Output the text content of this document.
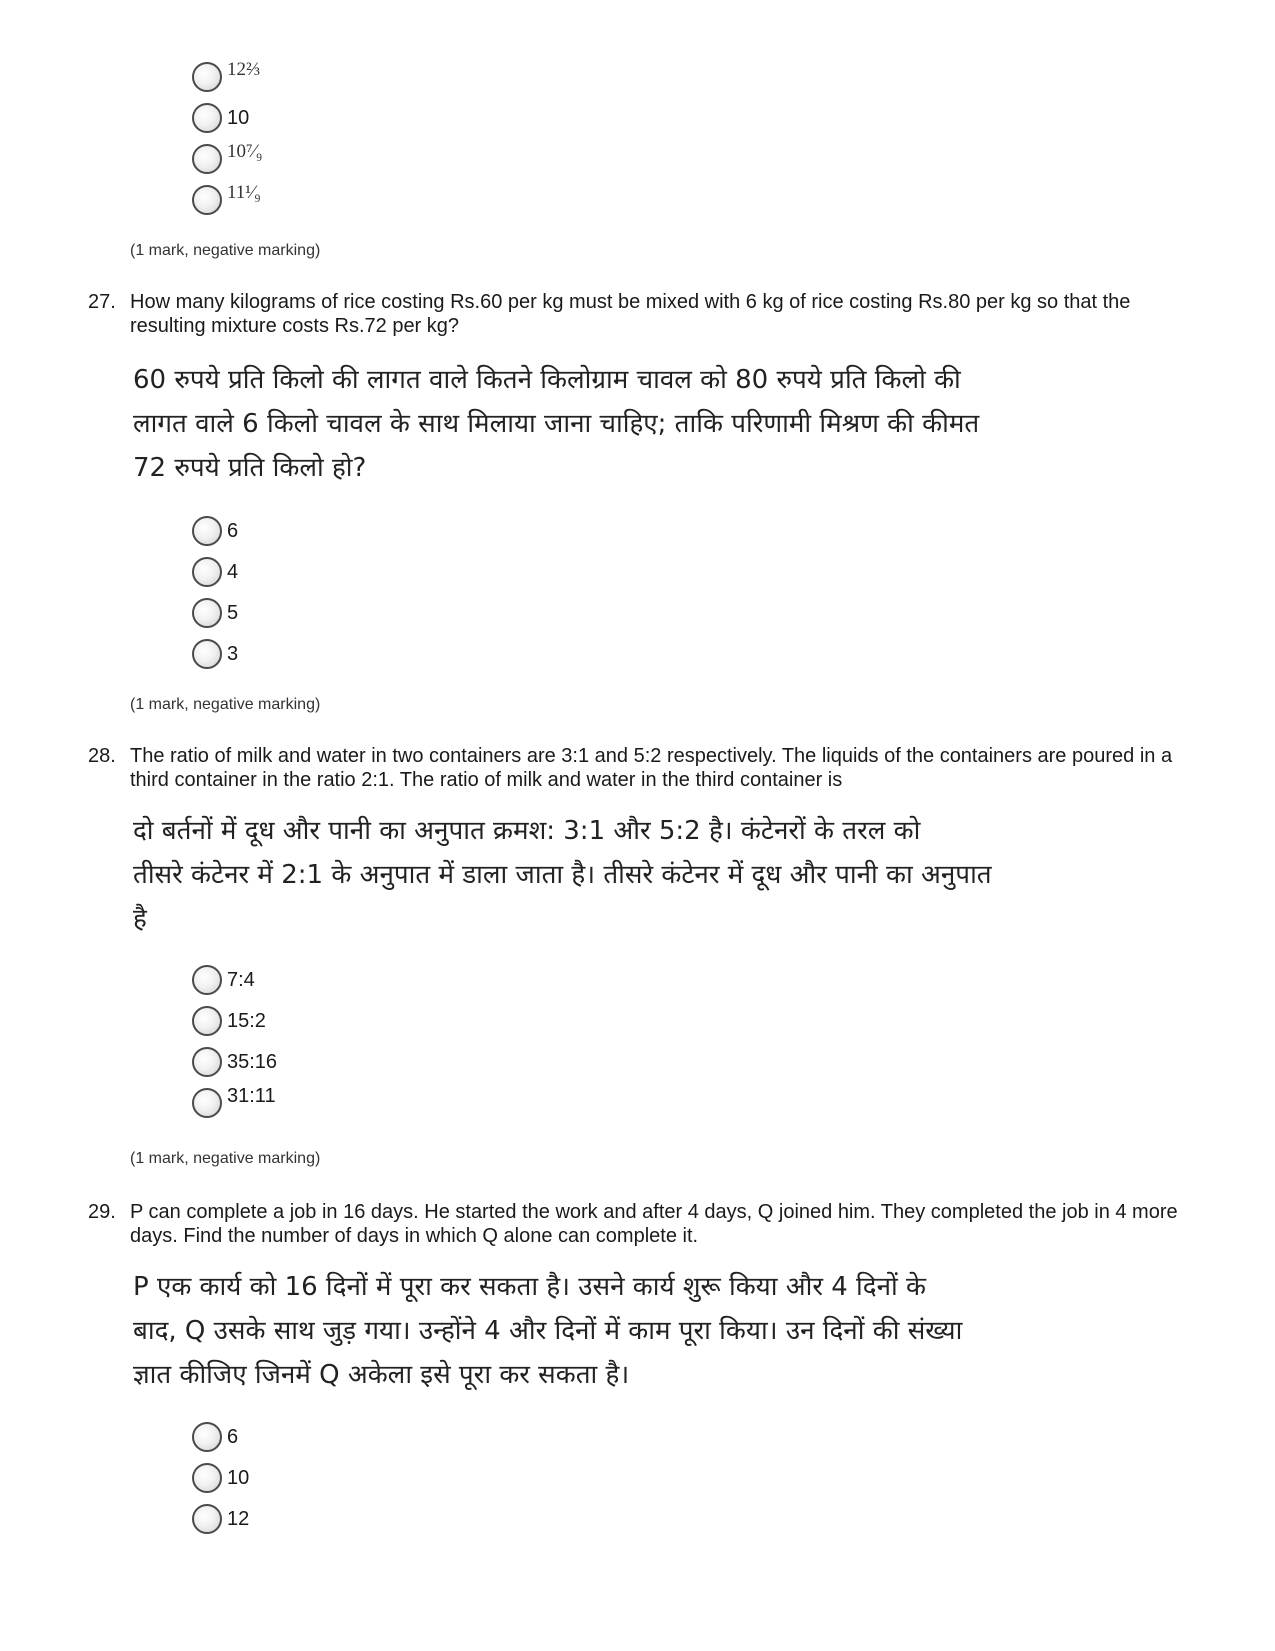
12⅔
10
10⁷⁄₉
11¹⁄₉
(1 mark, negative marking)
27. How many kilograms of rice costing Rs.60 per kg must be mixed with 6 kg of rice costing Rs.80 per kg so that the resulting mixture costs Rs.72 per kg?
60 रुपये प्रति किलो की लागत वाले कितने किलोग्राम चावल को 80 रुपये प्रति किलो की
लागत वाले 6 किलो चावल के साथ मिलाया जाना चाहिए; ताकि परिणामी मिश्रण की कीमत
72 रुपये प्रति किलो हो?
6
4
5
3
(1 mark, negative marking)
28. The ratio of milk and water in two containers are 3:1 and 5:2 respectively. The liquids of the containers are poured in a third container in the ratio 2:1. The ratio of milk and water in the third container is
दो बर्तनों में दूध और पानी का अनुपात क्रमश: 3:1 और 5:2 है। कंटेनरों के तरल को
तीसरे कंटेनर में 2:1 के अनुपात में डाला जाता है। तीसरे कंटेनर में दूध और पानी का अनुपात
है
7:4
15:2
35:16
31:11
(1 mark, negative marking)
29. P can complete a job in 16 days. He started the work and after 4 days, Q joined him. They completed the job in 4 more days. Find the number of days in which Q alone can complete it.
P एक कार्य को 16 दिनों में पूरा कर सकता है। उसने कार्य शुरू किया और 4 दिनों के
बाद, Q उसके साथ जुड़ गया। उन्होंने 4 और दिनों में काम पूरा किया। उन दिनों की संख्या
ज्ञात कीजिए जिनमें Q अकेला इसे पूरा कर सकता है।
6
10
12
